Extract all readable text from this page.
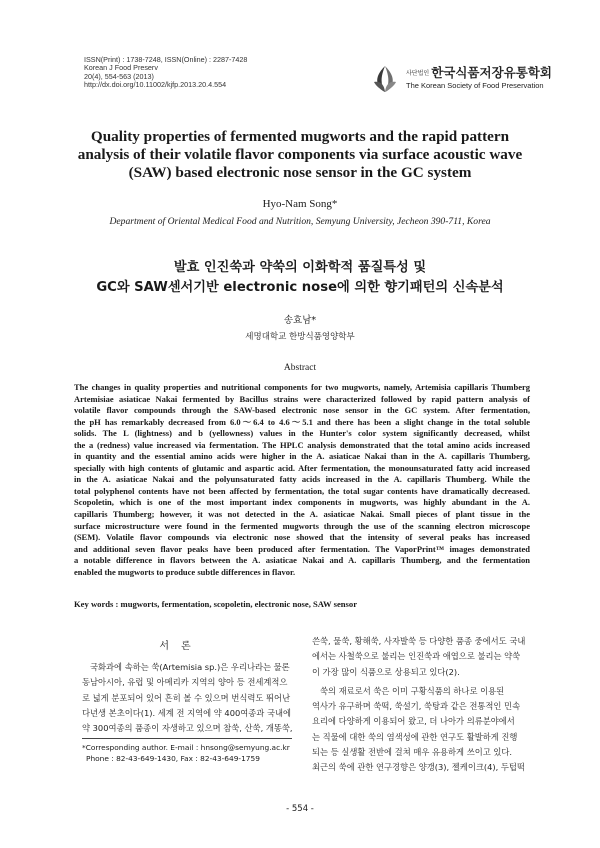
ISSN(Print) : 1738-7248, ISSN(Online) : 2287-7428
Korean J Food Preserv
20(4), 554-563 (2013)
http://dx.doi.org/10.11002/kjfp.2013.20.4.554
사단법인 한국식품저장유통학회
The Korean Society of Food Preservation
Quality properties of fermented mugworts and the rapid pattern
analysis of their volatile flavor components via surface acoustic wave
(SAW) based electronic nose sensor in the GC system
Hyo-Nam Song*
Department of Oriental Medical Food and Nutrition, Semyung University, Jecheon 390-711, Korea
발효 인진쑥과 약쑥의 이화학적 품질특성 및
GC와 SAW센서기반 electronic nose에 의한 향기패턴의 신속분석
송효남*
세명대학교 한방식품영양학부
Abstract
The changes in quality properties and nutritional components for two mugworts, namely, Artemisia capillaris Thumberg
Artemisiae asiaticae Nakai fermented by Bacillus strains were characterized followed by rapid pattern analysis of
volatile flavor compounds through the SAW-based electronic nose sensor in the GC system. After fermentation,
the pH has remarkably decreased from 6.0～6.4 to 4.6～5.1 and there has been a slight change in the total soluble
solids. The L (lightness) and b (yellowness) values in the Hunter's color system significantly decreased, whilst
the a (redness) value increased via fermentation. The HPLC analysis demonstrated that the total amino acids increased
in quantity and the essential amino acids were higher in the A. asiaticae Nakai than in the A. capillaris Thumberg,
specially with high contents of glutamic and aspartic acid. After fermentation, the monounsaturated fatty acid increased
in the A. asiaticae Nakai and the polyunsaturated fatty acids increased in the A. capillaris Thumberg. While the
total polyphenol contents have not been affected by fermentation, the total sugar contents have dramatically decreased.
Scopoletin, which is one of the most important index components in mugworts, was highly abundant in the A.
capillaris Thumberg; however, it was not detected in the A. asiaticae Nakai. Small pieces of plant tissue in the
surface microstructure were found in the fermented mugworts through the use of the scanning electron microscope
(SEM). Volatile flavor compounds via electronic nose showed that the intensity of several peaks has increased
and additional seven flavor peaks have been produced after fermentation. The VaporPrint™ images demonstrated
a notable difference in flavors between the A. asiaticae Nakai and A. capillaris Thumberg, and the fermentation
enabled the mugworts to produce subtle differences in flavor.
Key words : mugworts, fermentation, scopoletin, electronic nose, SAW sensor
서론
국화과에 속하는 쑥(Artemisia sp.)은 우리나라는 물론
동남아시아, 유럽 및 아메리카 지역의 양아 등 전세계적으
로 넓게 분포되어 있어 흔히 볼 수 있으며 번식력도 뛰어난
다년생 본초이다(1). 세계 전 지역에 약 400여종과 국내에
약 300여종의 품종이 자생하고 있으며 참쑥, 산쑥, 개똥쑥,
쓴쑥, 물쑥, 황해쑥, 사자발쑥 등 다양한 품종 중에서도 국내
에서는 사철쑥으로 불리는 인진쑥과 애엽으로 불리는 약쑥
이 가장 많이 식품으로 상용되고 있다(2).
쑥의 재료로서 쑥은 이미 구황식품의 하나로 이용된
역사가 유구하며 쑥떡, 쑥설기, 쑥탕과 같은 전통적인 민속
요리에 다양하게 이용되어 왔고, 더 나아가 의류분야에서
는 직물에 대한 쑥의 염색성에 관한 연구도 활발하게 진행
되는 등 실생활 전반에 걸쳐 매우 유용하게 쓰이고 있다.
최근의 쑥에 관한 연구경향은 양갱(3), 젤케이크(4), 두텁떡
*Corresponding author. E-mail : hnsong@semyung.ac.kr
Phone : 82-43-649-1430, Fax : 82-43-649-1759
- 554 -
